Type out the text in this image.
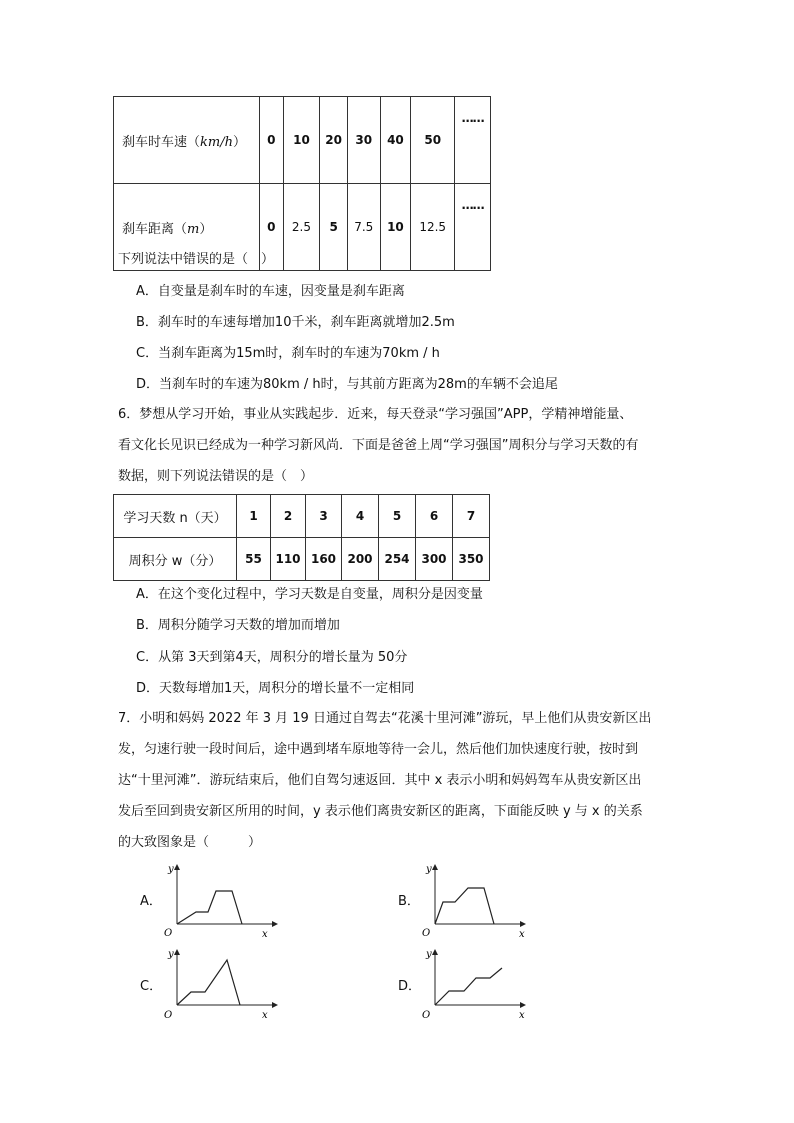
刹车时车速（km/h）	0	10	20	30	40	50	……
刹车距离（m）	0	2.5	5	7.5	10	12.5	……
下列说法中错误的是（　）
A．自变量是刹车时的车速，因变量是刹车距离
B．刹车时的车速每增加10千米，刹车距离就增加2.5m
C．当刹车距离为15m时，刹车时的车速为70km / h
D．当刹车时的车速为80km / h时，与其前方距离为28m的车辆不会追尾
6．梦想从学习开始，事业从实践起步．近来，每天登录“学习强国”APP，学精神增能量、
看文化长见识已经成为一种学习新风尚．下面是爸爸上周“学习强国”周积分与学习天数的有
数据，则下列说法错误的是（　）
学习天数 n（天）	1	2	3	4	5	6	7
周积分 w（分）	55	110	160	200	254	300	350
A．在这个变化过程中，学习天数是自变量，周积分是因变量
B．周积分随学习天数的增加而增加
C．从第 3天到第4天，周积分的增长量为 50分
D．天数每增加1天，周积分的增长量不一定相同
7．小明和妈妈 2022 年 3 月 19 日通过自驾去“花溪十里河滩”游玩，早上他们从贵安新区出
发，匀速行驶一段时间后，途中遇到堵车原地等待一会儿，然后他们加快速度行驶，按时到
达“十里河滩”．游玩结束后，他们自驾匀速返回．其中 x 表示小明和妈妈驾车从贵安新区出
发后至回到贵安新区所用的时间，y 表示他们离贵安新区的距离，下面能反映 y 与 x 的关系
的大致图象是（　　　）
A．	B．
C．	D．
y
x
O
y
x
O
y
x
O
y
x
O
